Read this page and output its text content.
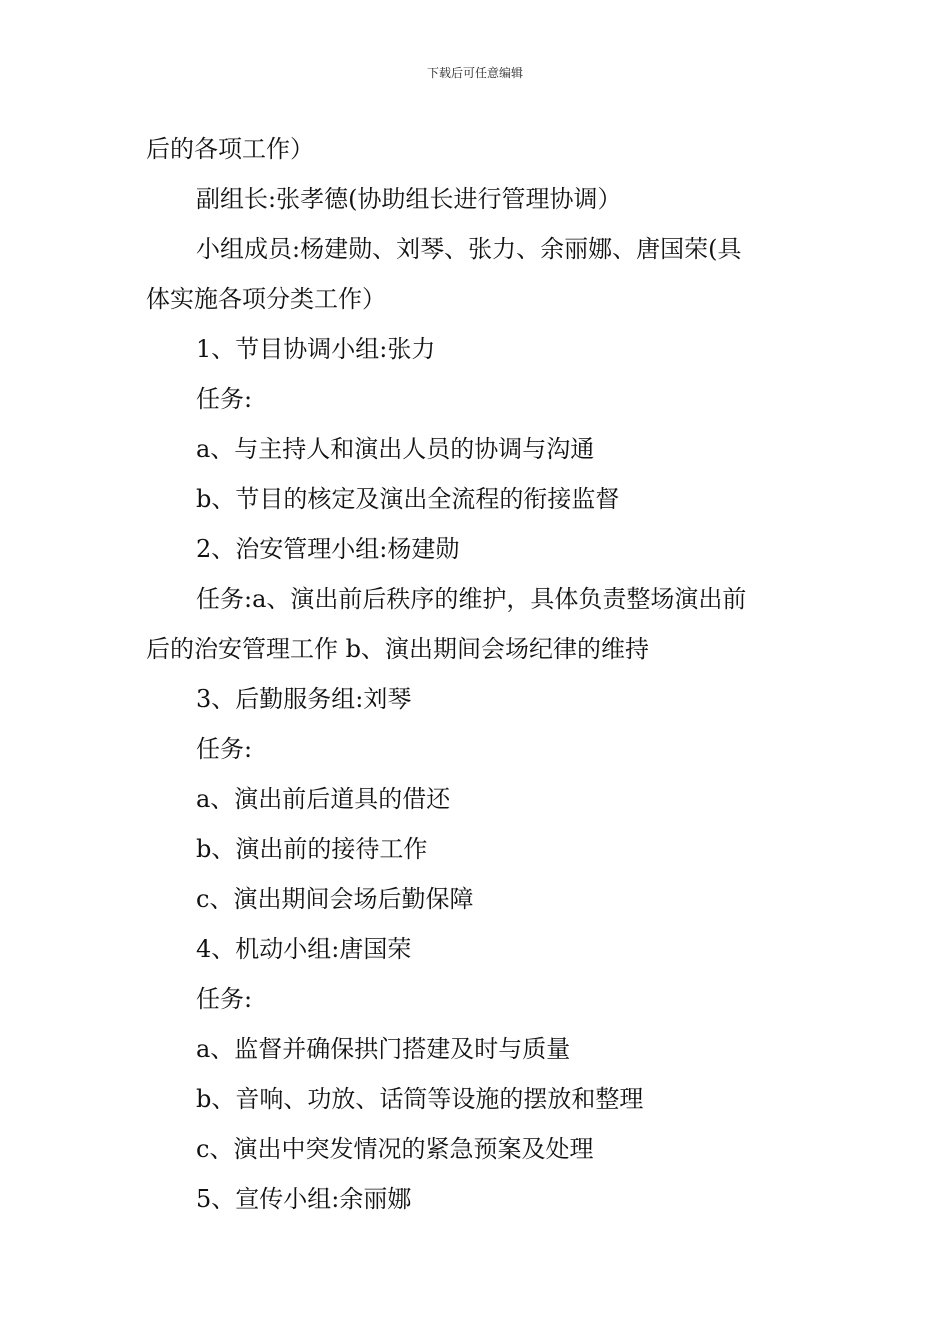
下载后可任意编辑
后的各项工作）
副组长:张孝德(协助组长进行管理协调）
小组成员:杨建勋、刘琴、张力、余丽娜、唐国荣(具
体实施各项分类工作）
1、节目协调小组:张力
任务:
a、与主持人和演出人员的协调与沟通
b、节目的核定及演出全流程的衔接监督
2、治安管理小组:杨建勋
任务:a、演出前后秩序的维护，具体负责整场演出前
后的治安管理工作 b、演出期间会场纪律的维持
3、后勤服务组:刘琴
任务:
a、演出前后道具的借还
b、演出前的接待工作
c、演出期间会场后勤保障
4、机动小组:唐国荣
任务:
a、监督并确保拱门搭建及时与质量
b、音响、功放、话筒等设施的摆放和整理
c、演出中突发情况的紧急预案及处理
5、宣传小组:余丽娜
